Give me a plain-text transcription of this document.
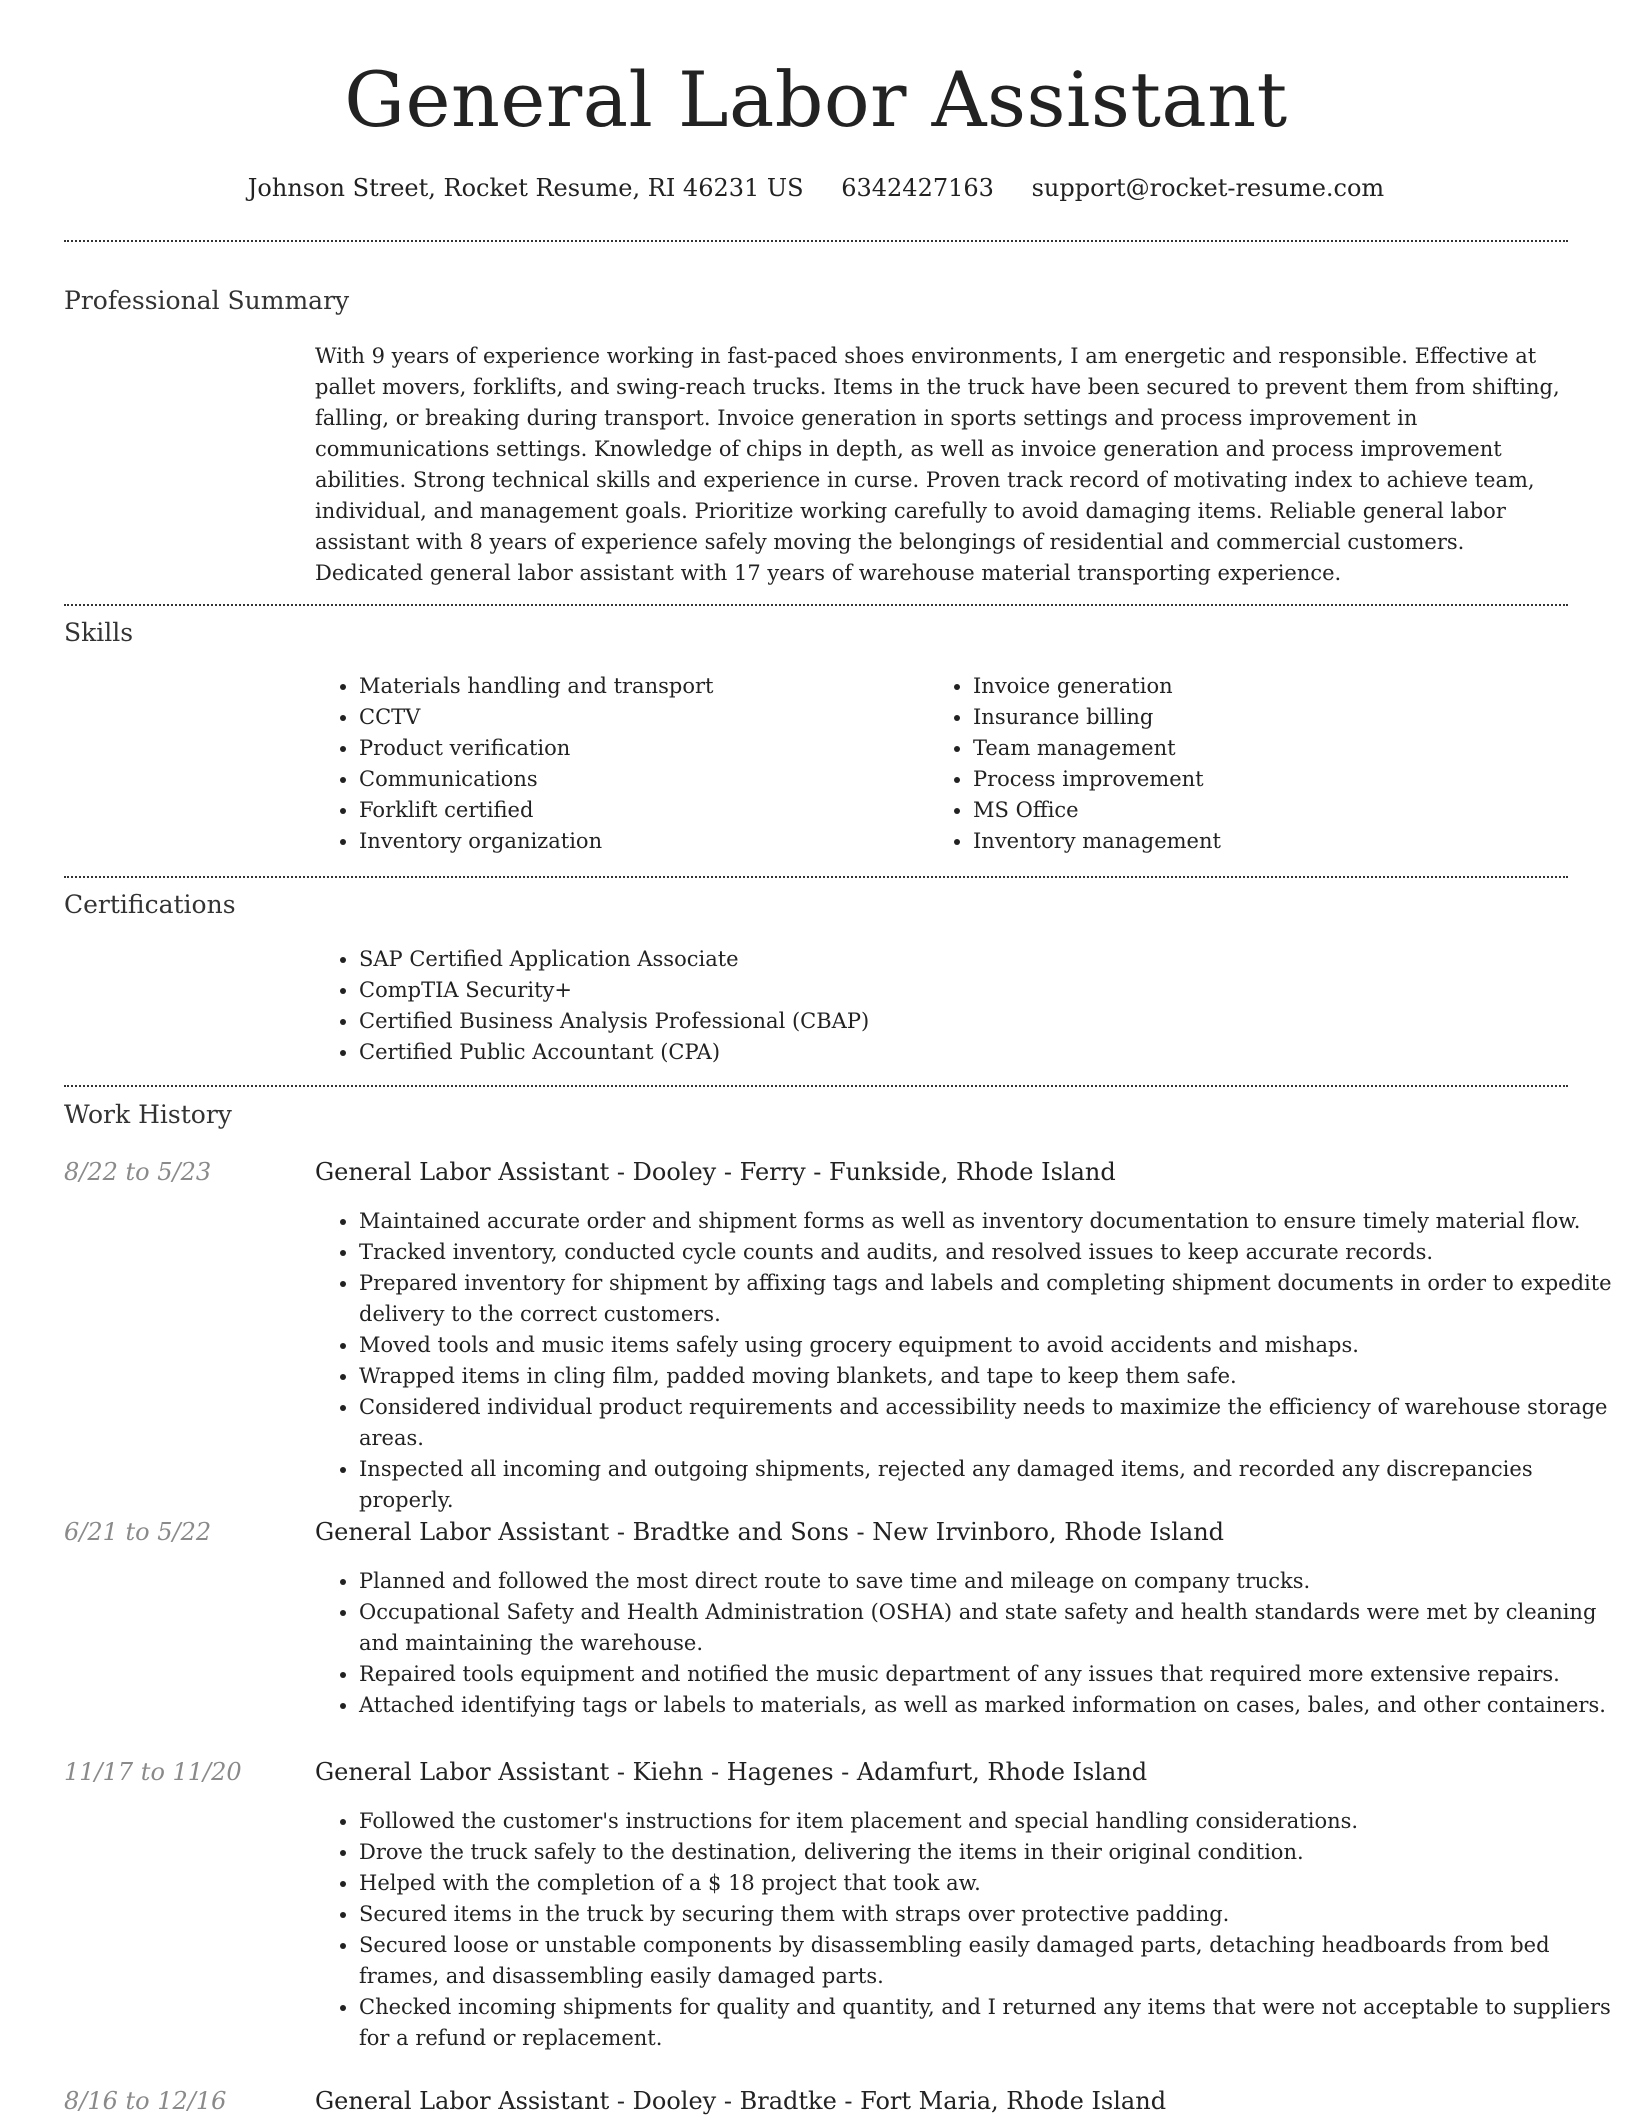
General Labor Assistant
Johnson Street, Rocket Resume, RI 46231 US 6342427163 support@rocket-resume.com
Professional Summary

With 9 years of experience working in fast-paced shoes environments, I am energetic and responsible. Effective at pallet movers, forklifts, and swing-reach trucks. Items in the truck have been secured to prevent them from shifting, falling, or breaking during transport. Invoice generation in sports settings and process improvement in communications settings. Knowledge of chips in depth, as well as invoice generation and process improvement abilities. Strong technical skills and experience in curse. Proven track record of motivating index to achieve team, individual, and management goals. Prioritize working carefully to avoid damaging items. Reliable general labor assistant with 8 years of experience safely moving the belongings of residential and commercial customers. Dedicated general labor assistant with 17 years of warehouse material transporting experience.

Skills
• Materials handling and transport
• CCTV
• Product verification
• Communications
• Forklift certified
• Inventory organization
• Invoice generation
• Insurance billing
• Team management
• Process improvement
• MS Office
• Inventory management
Certifications
• SAP Certified Application Associate
• CompTIA Security+
• Certified Business Analysis Professional (CBAP)
• Certified Public Accountant (CPA)
Work History
8/22 to 5/23	General Labor Assistant - Dooley - Ferry - Funkside, Rhode Island
• Maintained accurate order and shipment forms as well as inventory documentation to ensure timely material flow.
• Tracked inventory, conducted cycle counts and audits, and resolved issues to keep accurate records.
• Prepared inventory for shipment by affixing tags and labels and completing shipment documents in order to expedite delivery to the correct customers.
• Moved tools and music items safely using grocery equipment to avoid accidents and mishaps.
• Wrapped items in cling film, padded moving blankets, and tape to keep them safe.
• Considered individual product requirements and accessibility needs to maximize the efficiency of warehouse storage areas.
• Inspected all incoming and outgoing shipments, rejected any damaged items, and recorded any discrepancies properly.
6/21 to 5/22	General Labor Assistant - Bradtke and Sons - New Irvinboro, Rhode Island
• Planned and followed the most direct route to save time and mileage on company trucks.
• Occupational Safety and Health Administration (OSHA) and state safety and health standards were met by cleaning and maintaining the warehouse.
• Repaired tools equipment and notified the music department of any issues that required more extensive repairs.
• Attached identifying tags or labels to materials, as well as marked information on cases, bales, and other containers.
11/17 to 11/20	General Labor Assistant - Kiehn - Hagenes - Adamfurt, Rhode Island
• Followed the customer's instructions for item placement and special handling considerations.
• Drove the truck safely to the destination, delivering the items in their original condition.
• Helped with the completion of a $ 18 project that took aw.
• Secured items in the truck by securing them with straps over protective padding.
• Secured loose or unstable components by disassembling easily damaged parts, detaching headboards from bed frames, and disassembling easily damaged parts.
• Checked incoming shipments for quality and quantity, and I returned any items that were not acceptable to suppliers for a refund or replacement.
8/16 to 12/16	General Labor Assistant - Dooley - Bradtke - Fort Maria, Rhode Island
